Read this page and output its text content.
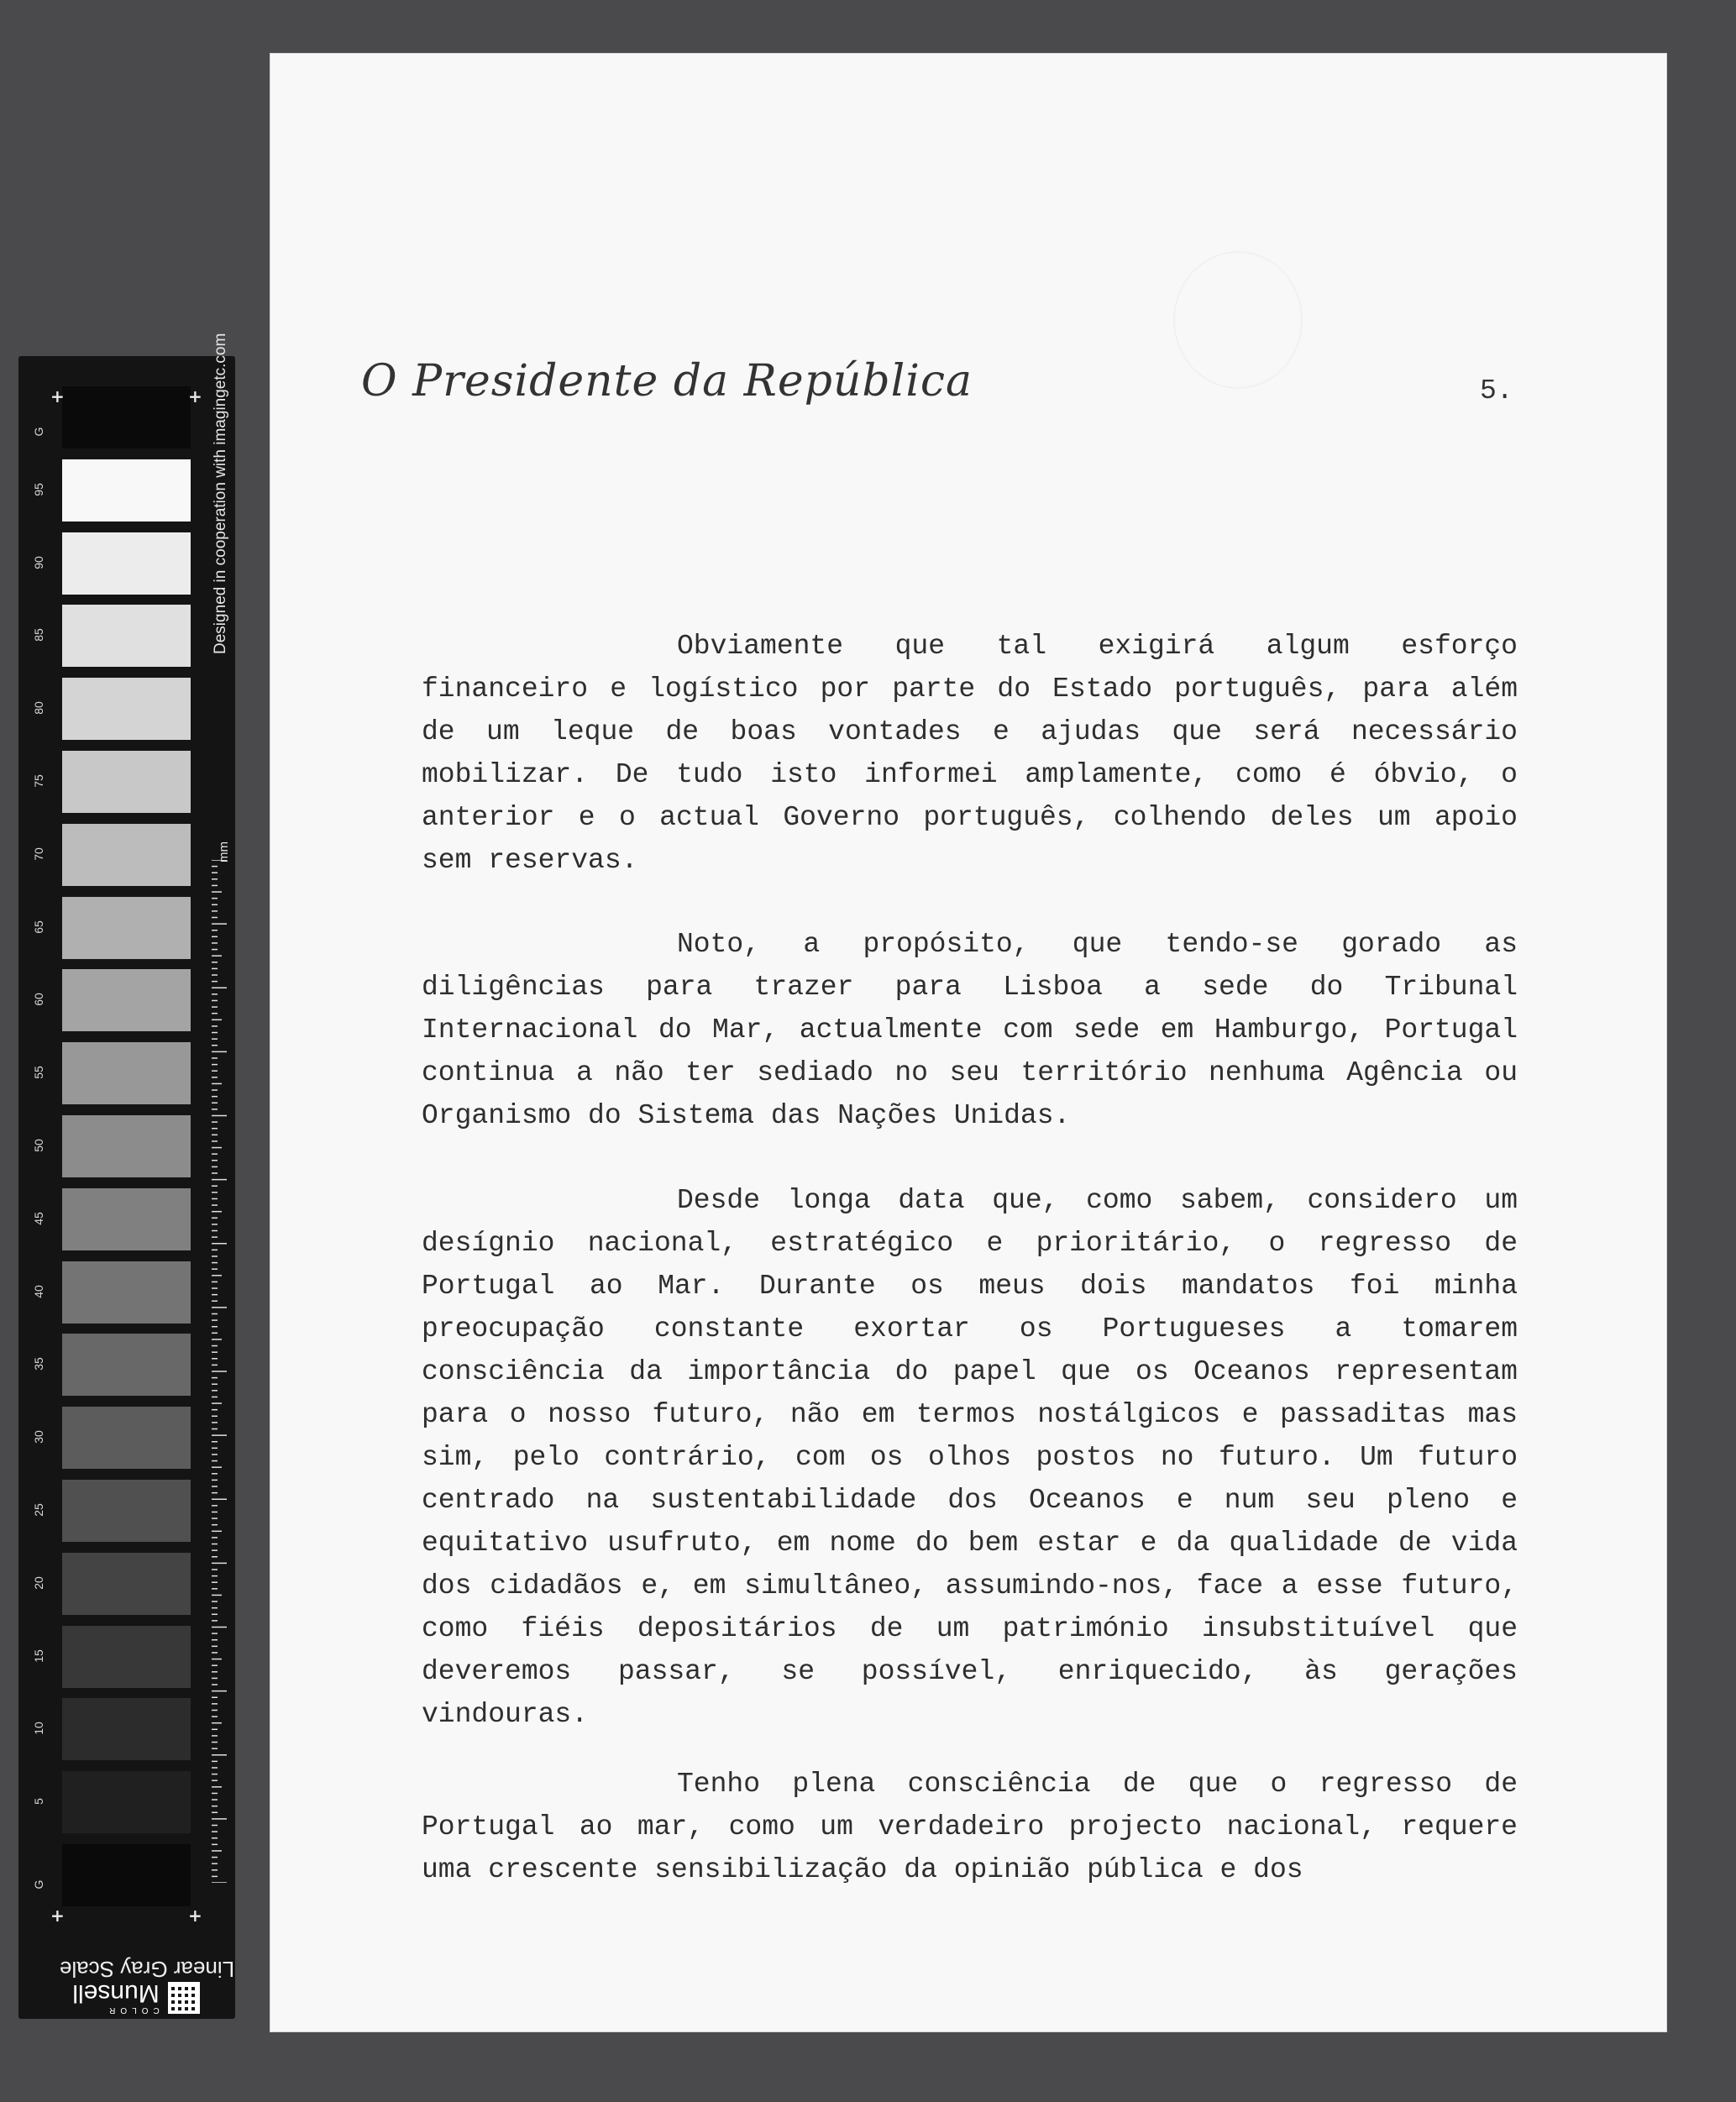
G
95
90
85
80
75
70
65
60
55
50
45
40
35
30
25
20
15
10
5
G
+	+
+	+
Designed in cooperation with imagingetc.com
mm
Linear Gray Scale
COLOR
Munsell
O Presidente da República	5.
Obviamente que tal exigirá algum esforço financeiro e logístico por parte do Estado português, para além de um leque de boas vontades e ajudas que será necessário mobilizar. De tudo isto informei amplamente, como é óbvio, o anterior e o actual Governo português, colhendo deles um apoio sem reservas.
Noto, a propósito, que tendo-se gorado as diligências para trazer para Lisboa a sede do Tribunal Internacional do Mar, actualmente com sede em Hamburgo, Portugal continua a não ter sediado no seu território nenhuma Agência ou Organismo do Sistema das Nações Unidas.
Desde longa data que, como sabem, considero um desígnio nacional, estratégico e prioritário, o regresso de Portugal ao Mar. Durante os meus dois mandatos foi minha preocupação constante exortar os Portugueses a tomarem consciência da importância do papel que os Oceanos representam para o nosso futuro, não em termos nostálgicos e passaditas mas sim, pelo contrário, com os olhos postos no futuro. Um futuro centrado na sustentabilidade dos Oceanos e num seu pleno e equitativo usufruto, em nome do bem estar e da qualidade de vida dos cidadãos e, em simultâneo, assumindo-nos, face a esse futuro, como fiéis depositários de um património insubstituível que deveremos passar, se possível, enriquecido, às gerações vindouras.
Tenho plena consciência de que o regresso de Portugal ao mar, como um verdadeiro projecto nacional, requere uma crescente sensibilização da opinião pública e dos
